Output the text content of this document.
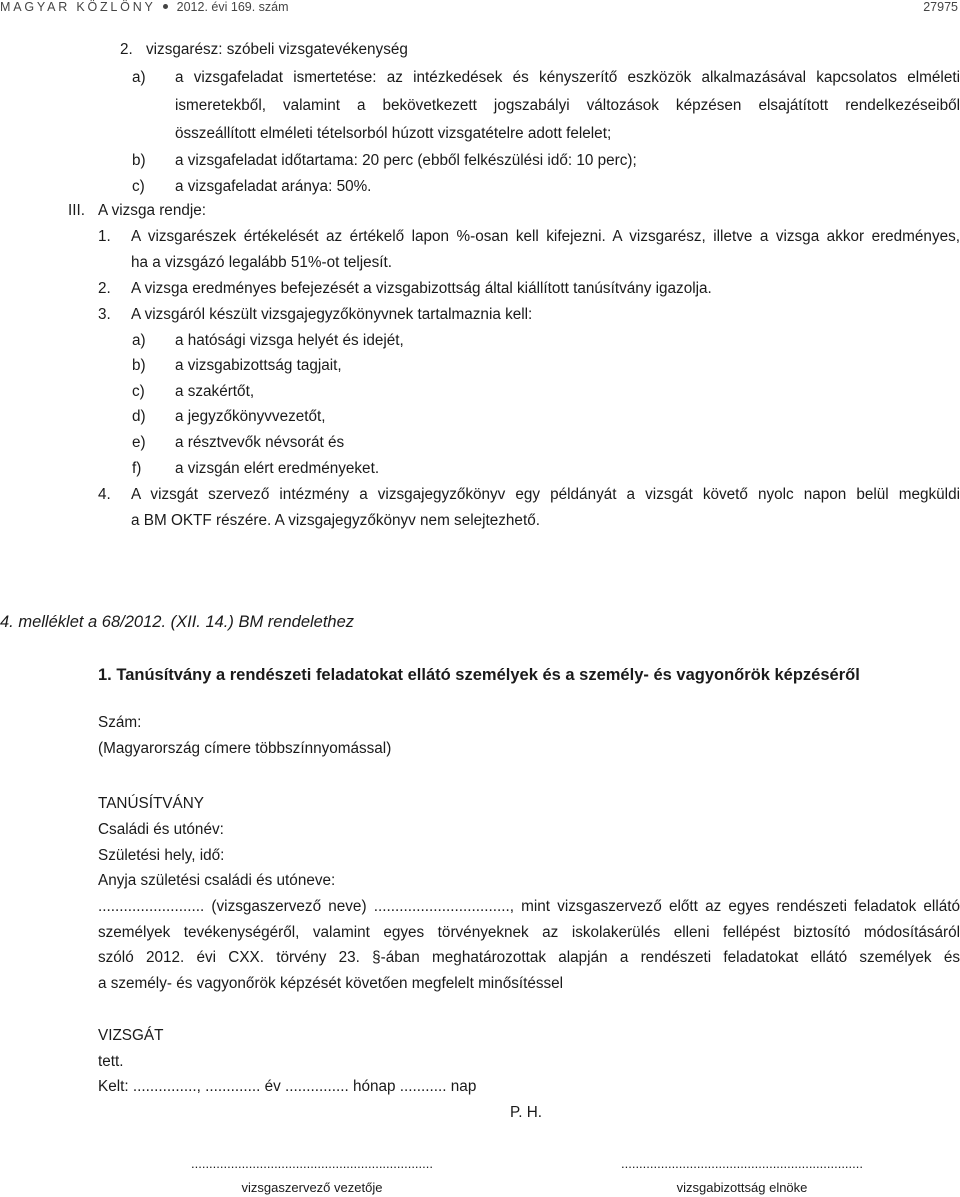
MAGYAR KÖZLÖNY 2012. évi 169. szám	27975
2. vizsgarész: szóbeli vizsgatevékenység
a) a vizsgafeladat ismertetése: az intézkedések és kényszerítő eszközök alkalmazásával kapcsolatos elméleti
ismeretekből, valamint a bekövetkezett jogszabályi változások képzésen elsajátított rendelkezéseiből
összeállított elméleti tételsorból húzott vizsgatételre adott felelet;
b) a vizsgafeladat időtartama: 20 perc (ebből felkészülési idő: 10 perc);
c) a vizsgafeladat aránya: 50%.
III. A vizsga rendje:
1. A vizsgarészek értékelését az értékelő lapon %-osan kell kifejezni. A vizsgarész, illetve a vizsga akkor eredményes,
ha a vizsgázó legalább 51%-ot teljesít.
2. A vizsga eredményes befejezését a vizsgabizottság által kiállított tanúsítvány igazolja.
3. A vizsgáról készült vizsgajegyzőkönyvnek tartalmaznia kell:
a) a hatósági vizsga helyét és idejét,
b) a vizsgabizottság tagjait,
c) a szakértőt,
d) a jegyzőkönyvvezetőt,
e) a résztvevők névsorát és
f) a vizsgán elért eredményeket.
4. A vizsgát szervező intézmény a vizsgajegyzőkönyv egy példányát a vizsgát követő nyolc napon belül megküldi
a BM OKTF részére. A vizsgajegyzőkönyv nem selejtezhető.
4. melléklet a 68/2012. (XII. 14.) BM rendelethez
1. Tanúsítvány a rendészeti feladatokat ellátó személyek és a személy- és vagyonőrök képzéséről
Szám:
(Magyarország címere többszínnyomással)
TANÚSÍTVÁNY
Családi és utónév:
Születési hely, idő:
Anyja születési családi és utóneve:
......................... (vizsgaszervező neve) ................................, mint vizsgaszervező előtt az egyes rendészeti feladatok ellátó
személyek tevékenységéről, valamint egyes törvényeknek az iskolakerülés elleni fellépést biztosító módosításáról
szóló 2012. évi CXX. törvény 23. §-ában meghatározottak alapján a rendészeti feladatokat ellátó személyek és
a személy- és vagyonőrök képzését követően megfelelt minősítéssel
VIZSGÁT
tett.
Kelt: ..............., ............. év ............... hónap ........... nap
P. H.
...................................................................	...................................................................
vizsgaszervező vezetője	vizsgabizottság elnöke
